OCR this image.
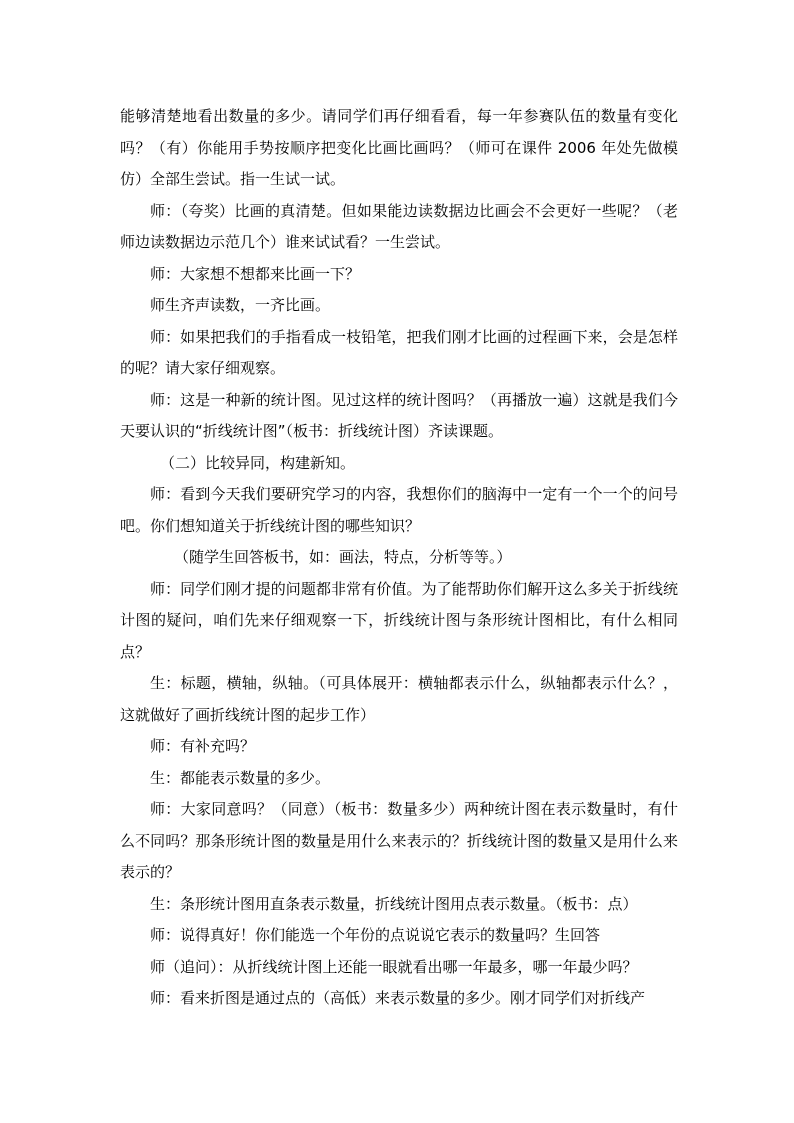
能够清楚地看出数量的多少。请同学们再仔细看看，每一年参赛队伍的数量有变化吗？（有）你能用手势按顺序把变化比画比画吗？（师可在课件 2006 年处先做模仿）全部生尝试。指一生试一试。

师：（夸奖）比画的真清楚。但如果能边读数据边比画会不会更好一些呢？（老师边读数据边示范几个）谁来试试看？一生尝试。

师：大家想不想都来比画一下？

师生齐声读数，一齐比画。

师：如果把我们的手指看成一枝铅笔，把我们刚才比画的过程画下来，会是怎样的呢？请大家仔细观察。

师：这是一种新的统计图。见过这样的统计图吗？（再播放一遍）这就是我们今天要认识的“折线统计图”（板书：折线统计图）齐读课题。

（二）比较异同，构建新知。

师：看到今天我们要研究学习的内容，我想你们的脑海中一定有一个一个的问号吧。你们想知道关于折线统计图的哪些知识？

（随学生回答板书，如：画法，特点，分析等等。）

师：同学们刚才提的问题都非常有价值。为了能帮助你们解开这么多关于折线统计图的疑问，咱们先来仔细观察一下，折线统计图与条形统计图相比，有什么相同点？

生：标题，横轴，纵轴。（可具体展开：横轴都表示什么，纵轴都表示什么？，这就做好了画折线统计图的起步工作）

师：有补充吗？

生：都能表示数量的多少。

师：大家同意吗？（同意）（板书：数量多少）两种统计图在表示数量时，有什么不同吗？那条形统计图的数量是用什么来表示的？折线统计图的数量又是用什么来表示的？

生：条形统计图用直条表示数量，折线统计图用点表示数量。（板书：点）

师：说得真好！你们能选一个年份的点说说它表示的数量吗？生回答

师（追问）：从折线统计图上还能一眼就看出哪一年最多，哪一年最少吗？

师：看来折图是通过点的（高低）来表示数量的多少。刚才同学们对折线产
